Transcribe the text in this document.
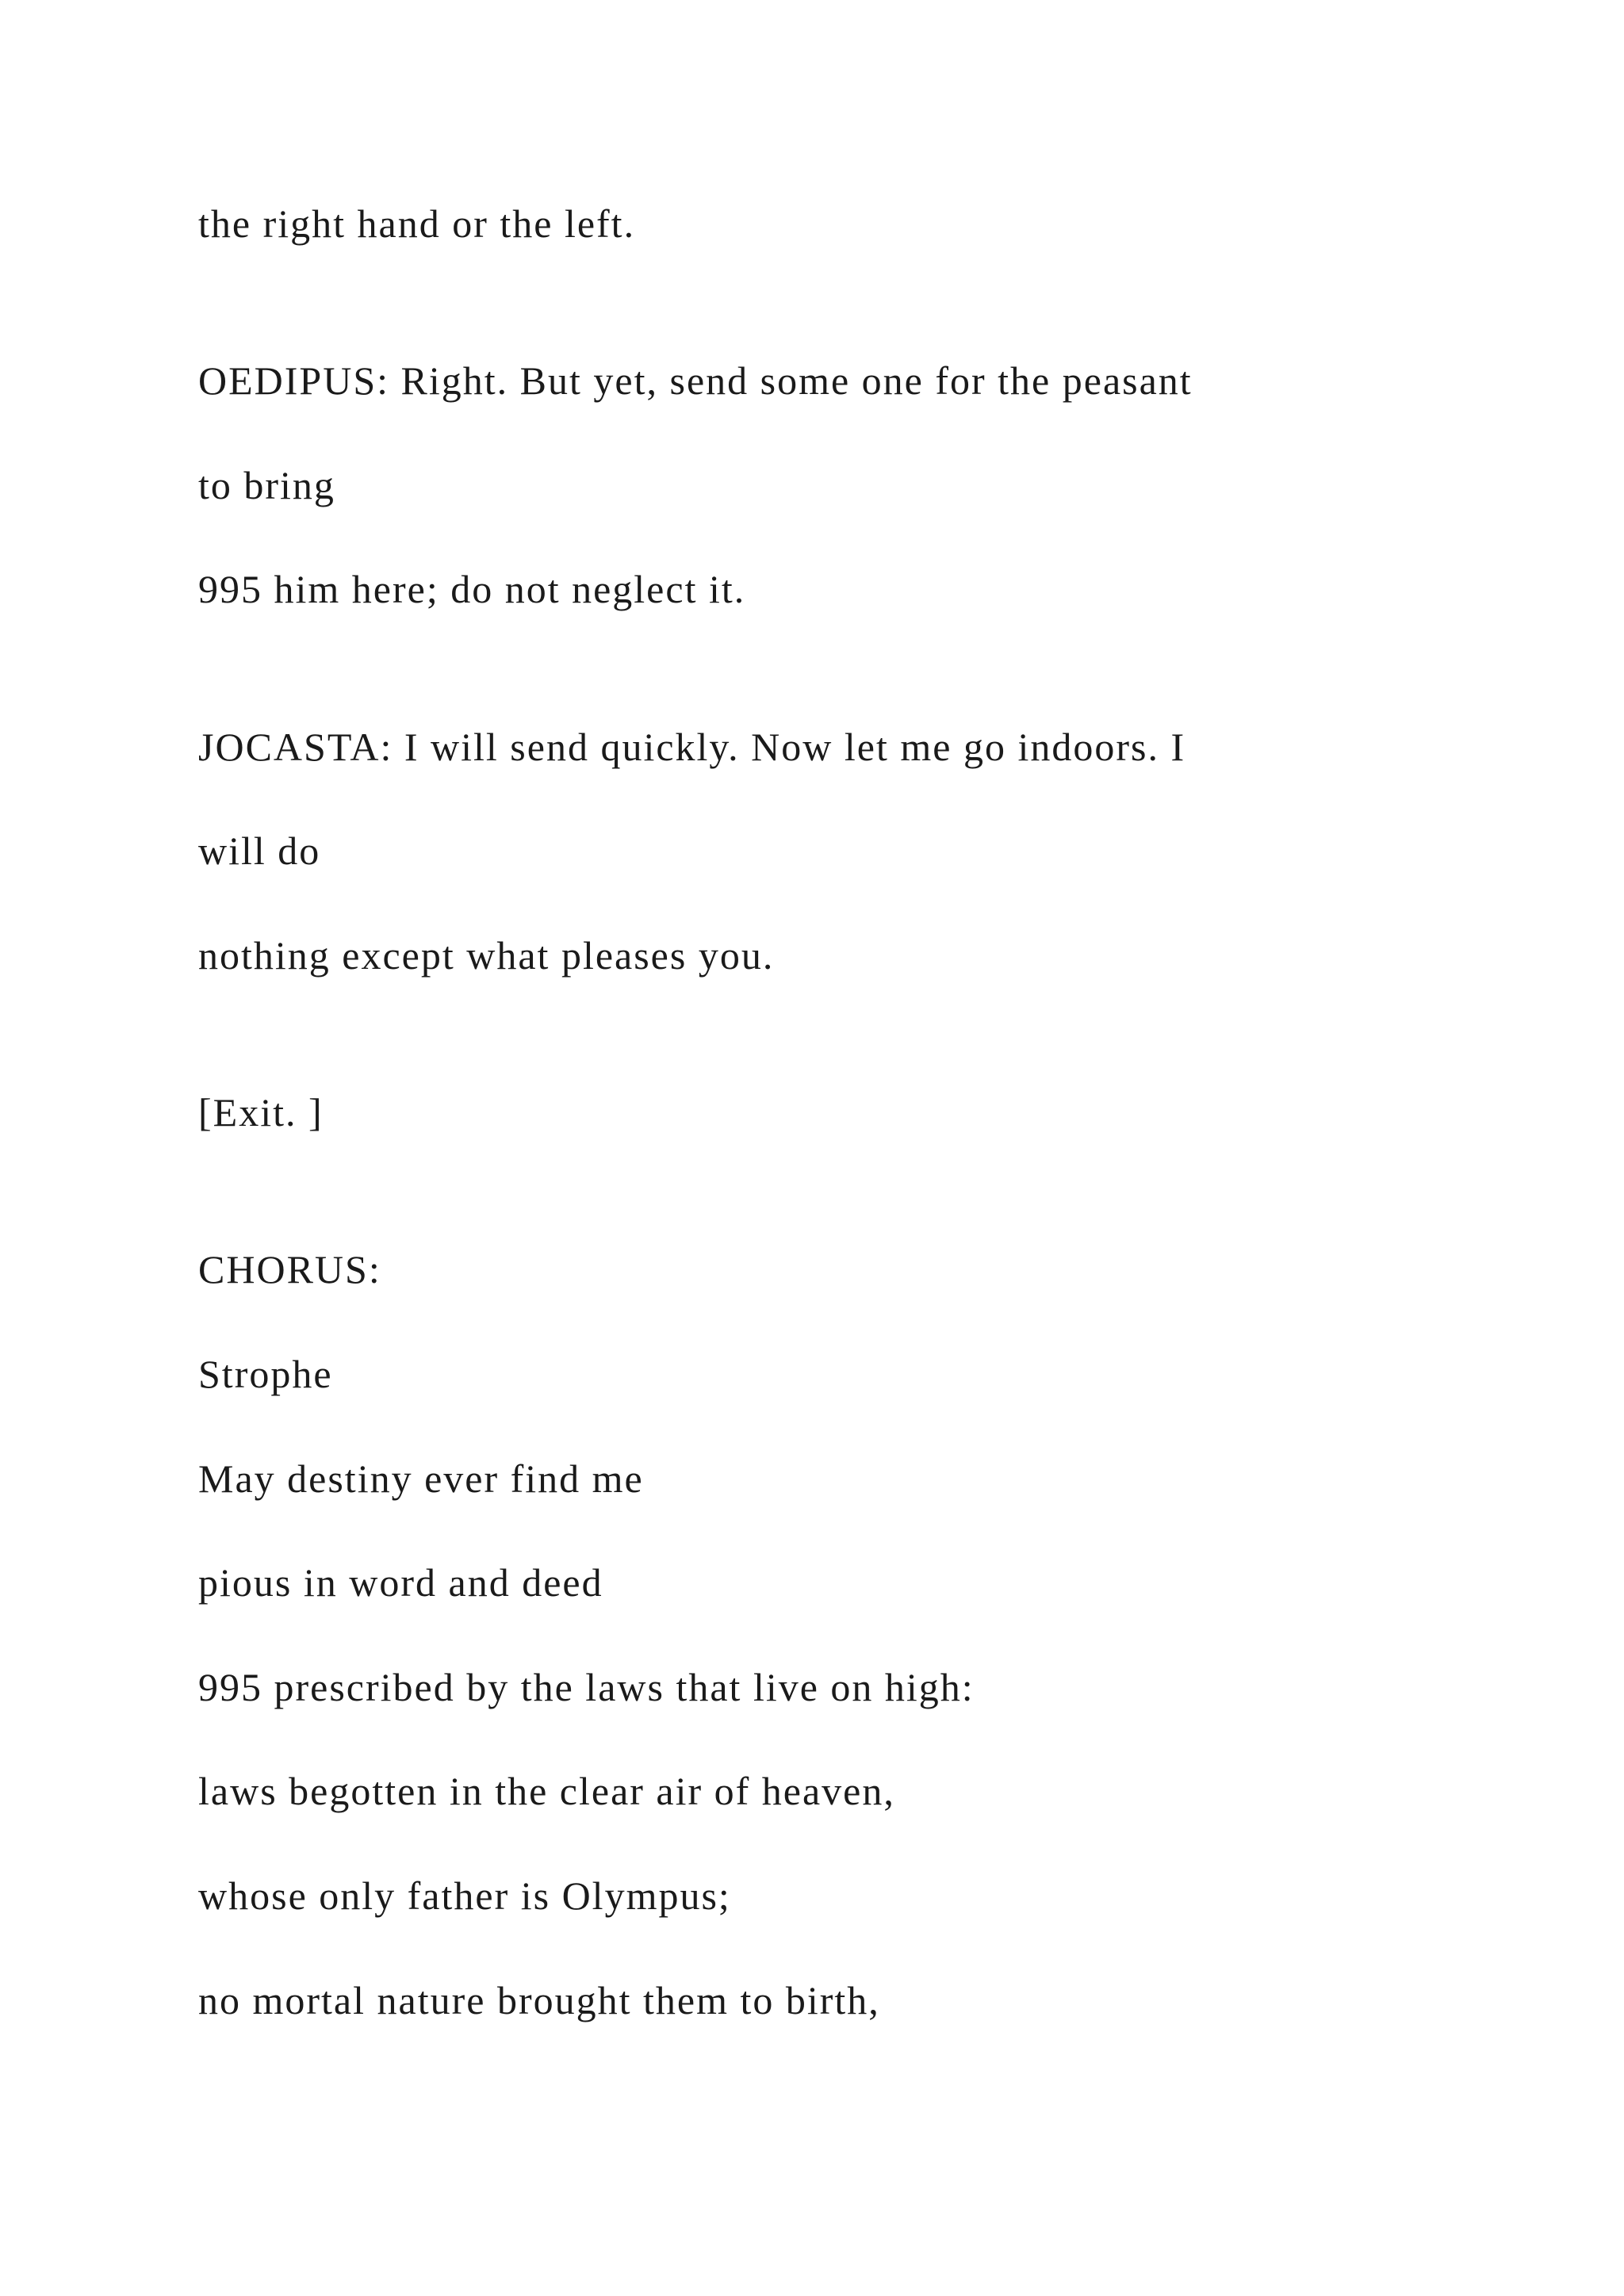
the right hand or the left.

OEDIPUS: Right. But yet, send some one for the peasant

to bring

995 him here; do not neglect it.

JOCASTA: I will send quickly. Now let me go indoors. I

will do

nothing except what pleases you.

[Exit. ]

CHORUS:

Strophe

May destiny ever find me

pious in word and deed

995 prescribed by the laws that live on high:

laws begotten in the clear air of heaven,

whose only father is Olympus;

no mortal nature brought them to birth,
